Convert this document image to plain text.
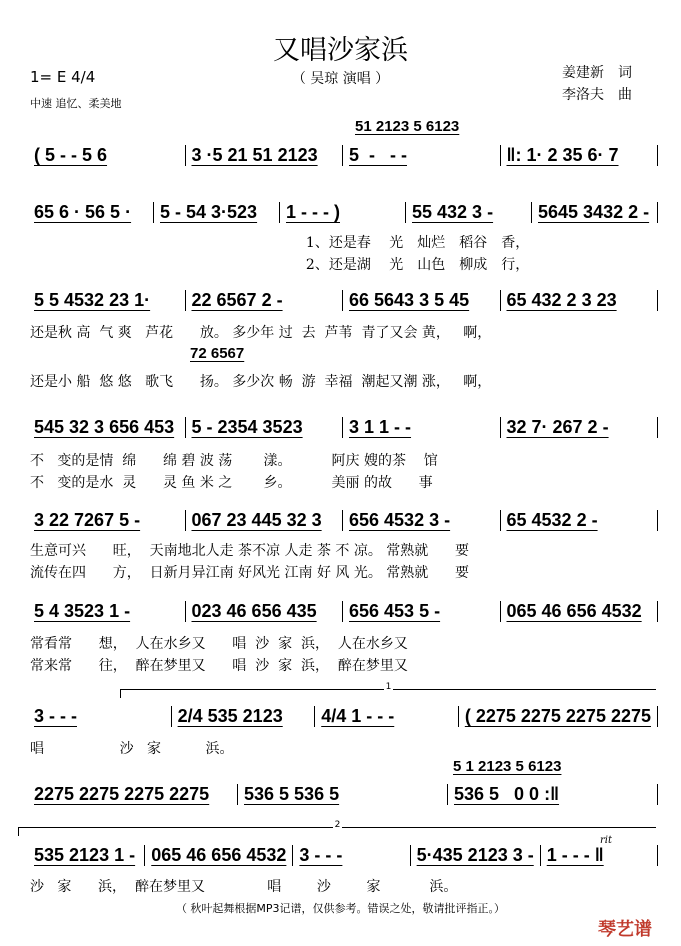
又唱沙家浜
（ 吴琼 演唱 ）
1= E 4/4
中速 追忆、柔美地
姜建新　词
李洛夫　曲
( 5 - - 5 6	3 ·5 21 51 2123	5  -   - -	‖: 1· 2 35 6· 7
51 2123 5 6123
65 6 · 56 5 ·	5 - 54 3·523	1 - - - )	55 432 3 -	5645 3432 2 -
1、还是春　 光　灿烂　稻谷　香，
2、还是湖　 光　山色　柳成　行，
5 5 4532 23 1·	22 6567 2 -	66 5643 3 5 45	65 432 2 3 23
72 6567
还是秋 高  气 爽   芦花      放。 多少年 过  去  芦苇  青了又会 黄，   啊，
还是小 船  悠 悠   歌飞      扬。 多少次 畅  游  幸福  潮起又潮 涨，   啊，
545 32 3 656 453 5 - 2354 3523	3 1 1 - -	32 7· 267 2 -
不   变的是情  绵      绵 碧 波 荡       漾。         阿庆 嫂的茶    馆
不   变的是水  灵      灵 鱼 米 之       乡。         美丽 的故      事
3 22 7267 5 -	067 23 445 32 3	656 4532 3 -	65 4532 2 -
生意可兴      旺，  天南地北人走 茶不凉 人走 茶 不 凉。 常熟就      要
流传在四      方，  日新月异江南 好风光 江南 好 风 光。 常熟就      要
5 4 3523 1 -	023 46 656 435	656 453 5 -	065 46 656 4532
常看常      想，  人在水乡又      唱  沙  家  浜，  人在水乡又
常来常      往，  醉在梦里又      唱  沙  家  浜，  醉在梦里又
3 - - -	2/4 535 2123	4/4 1 - - -	( 2275 2275 2275 2275
1
唱                 沙   家          浜。
2275 2275 2275 2275	536 5 536 5	536 5   0 0 :‖
5 1 2123 5 6123
535 2123 1 - 065 46 656 4532 3 - - -	5·435 2123 3 - 1 - - - ‖
2
rit
沙   家      浜，  醉在梦里又              唱        沙        家           浜。
（ 秋叶起舞根据MP3记谱，仅供参考。错误之处，敬请批评指正。）
琴艺谱
